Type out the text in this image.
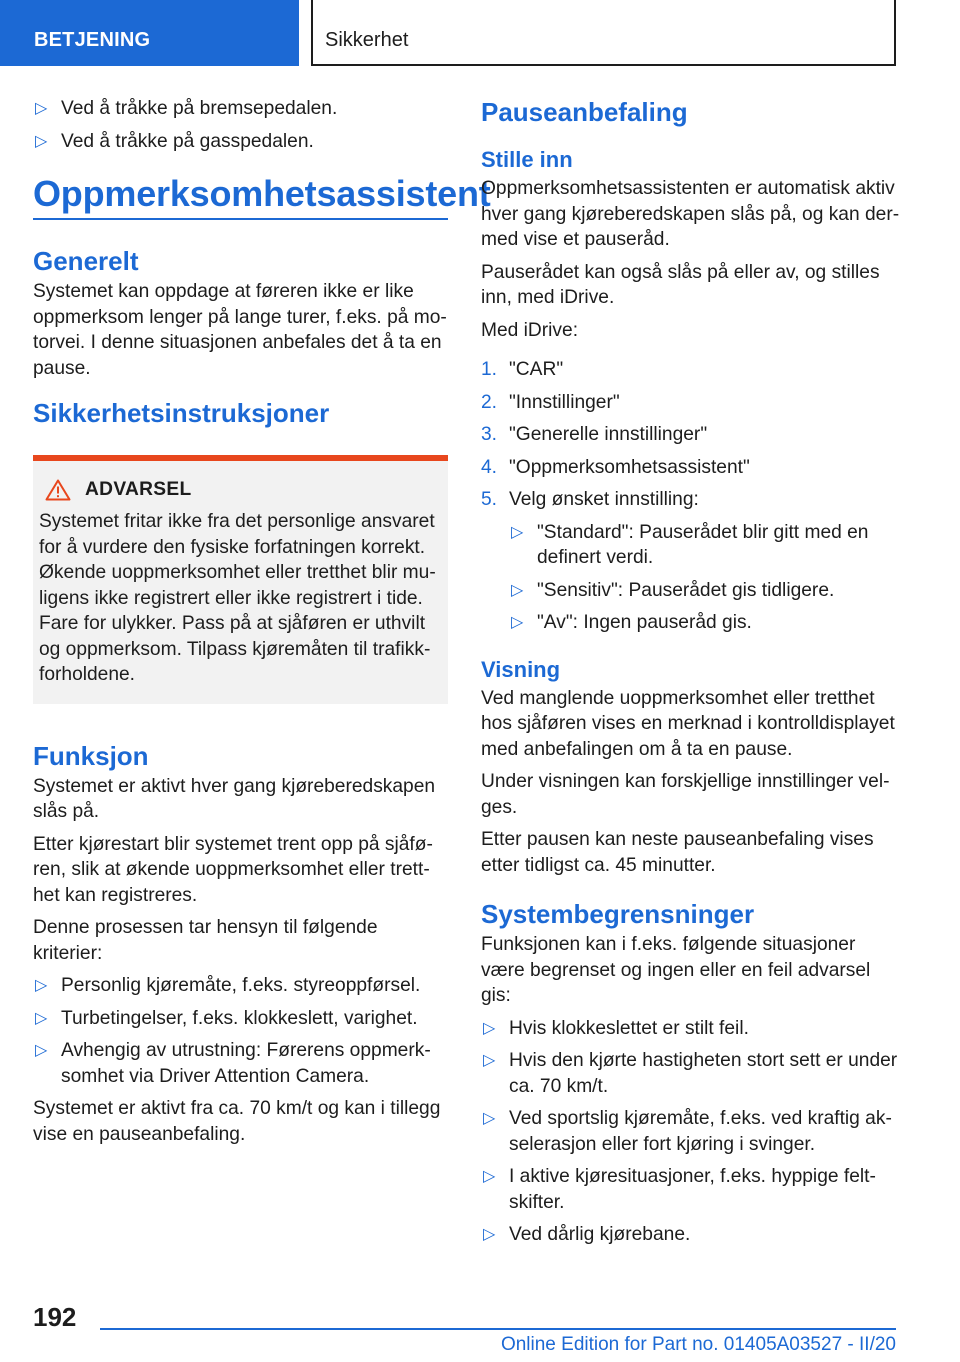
BETJENING	Sikkerhet
▷ Ved å tråkke på bremsepedalen.
▷ Ved å tråkke på gasspedalen.
Oppmerksomhetsassistent
Generelt

Systemet kan oppdage at føreren ikke er like oppmerksom lenger på lange turer, f.eks. på motorvei. I denne situasjonen anbefales det å ta en pause.

Sikkerhetsinstruksjoner
ADVARSEL

Systemet fritar ikke fra det personlige ansvaret for å vurdere den fysiske forfatningen korrekt. Økende uoppmerksomhet eller tretthet blir muligens ikke registrert eller ikke registrert i tide. Fare for ulykker. Pass på at sjåføren er uthvilt og oppmerksom. Tilpass kjøremåten til trafikkforholdene.

Funksjon

Systemet er aktivt hver gang kjøreberedskapen slås på.

Etter kjørestart blir systemet trent opp på sjåføren, slik at økende uoppmerksomhet eller tretthet kan registreres.

Denne prosessen tar hensyn til følgende kriterier:

▷ Personlig kjøremåte, f.eks. styreoppførsel.
▷ Turbetingelser, f.eks. klokkeslett, varighet.
▷ Avhengig av utrustning: Førerens oppmerksomhet via Driver Attention Camera.

Systemet er aktivt fra ca. 70 km/t og kan i tillegg vise en pauseanbefaling.

Pauseanbefaling
Stille inn

Oppmerksomhetsassistenten er automatisk aktiv hver gang kjøreberedskapen slås på, og kan dermed vise et pauseråd.

Pauserådet kan også slås på eller av, og stilles inn, med iDrive.

Med iDrive:

1. "CAR"
2. "Innstillinger"
3. "Generelle innstillinger"
4. "Oppmerksomhetsassistent"
5. Velg ønsket innstilling:
▷ "Standard": Pauserådet blir gitt med en definert verdi.
▷ "Sensitiv": Pauserådet gis tidligere.
▷ "Av": Ingen pauseråd gis.
Visning

Ved manglende uoppmerksomhet eller tretthet hos sjåføren vises en merknad i kontrolldisplayet med anbefalingen om å ta en pause.

Under visningen kan forskjellige innstillinger velges.

Etter pausen kan neste pauseanbefaling vises etter tidligst ca. 45 minutter.

Systembegrensninger

Funksjonen kan i f.eks. følgende situasjoner være begrenset og ingen eller en feil advarsel gis:

▷ Hvis klokkeslettet er stilt feil.
▷ Hvis den kjørte hastigheten stort sett er under ca. 70 km/t.
▷ Ved sportslig kjøremåte, f.eks. ved kraftig akselerasjon eller fort kjøring i svinger.
▷ I aktive kjøresituasjoner, f.eks. hyppige feltskifter.
▷ Ved dårlig kjørebane.
192
Online Edition for Part no. 01405A03527 - II/20
